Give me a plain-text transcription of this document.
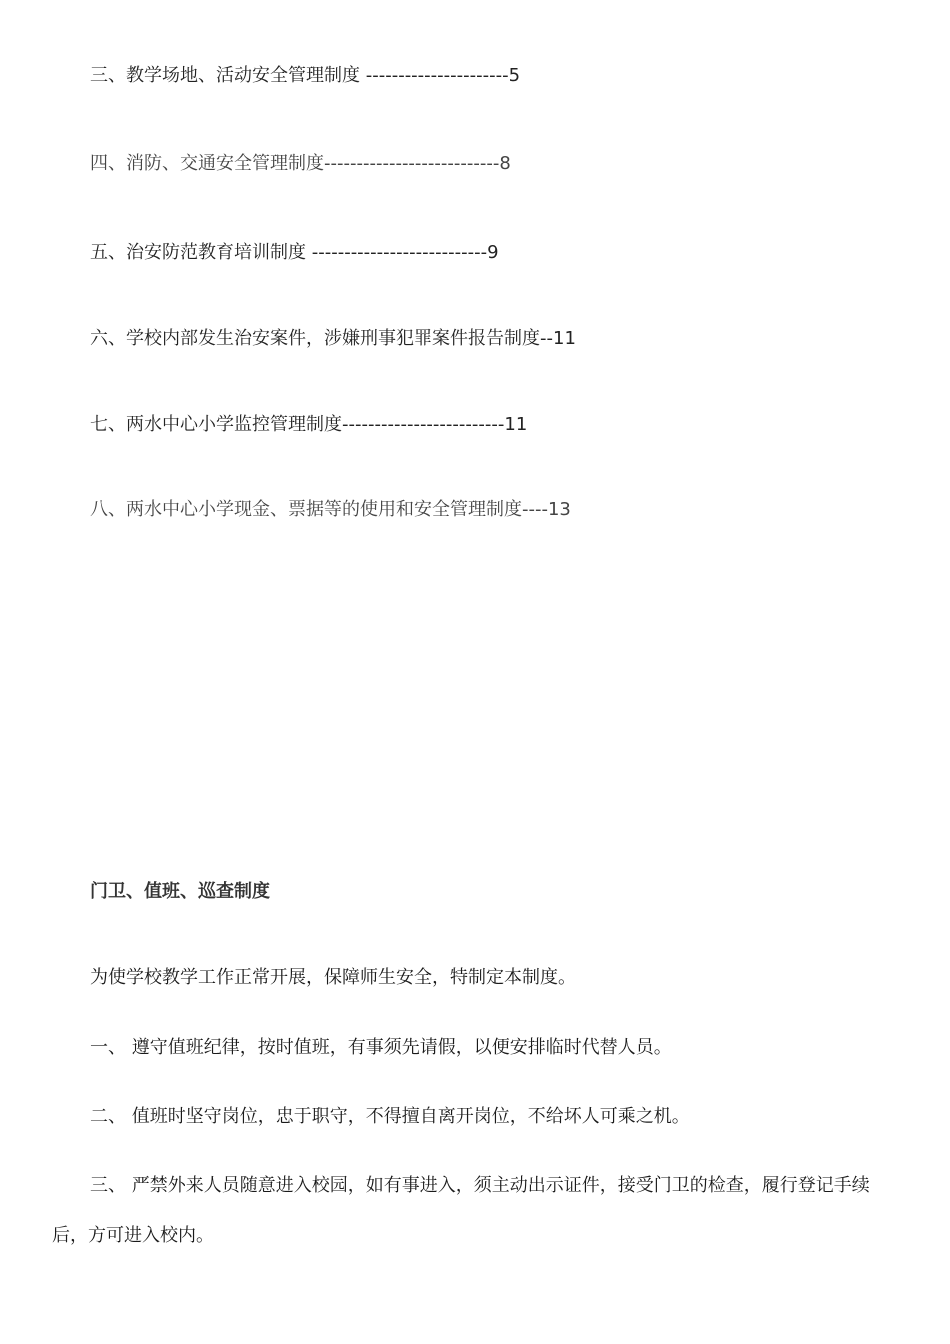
三、教学场地、活动安全管理制度 ----------------------5
四、消防、交通安全管理制度---------------------------8
五、治安防范教育培训制度 ---------------------------9
六、学校内部发生治安案件，涉嫌刑事犯罪案件报告制度--11
七、两水中心小学监控管理制度-------------------------11
八、两水中心小学现金、票据等的使用和安全管理制度----13
门卫、值班、巡查制度
为使学校教学工作正常开展，保障师生安全，特制定本制度。
一、 遵守值班纪律，按时值班，有事须先请假，以便安排临时代替人员。
二、 值班时坚守岗位，忠于职守，不得擅自离开岗位，不给坏人可乘之机。
三、 严禁外来人员随意进入校园，如有事进入，须主动出示证件，接受门卫的检查，履行登记手续后，方可进入校内。
